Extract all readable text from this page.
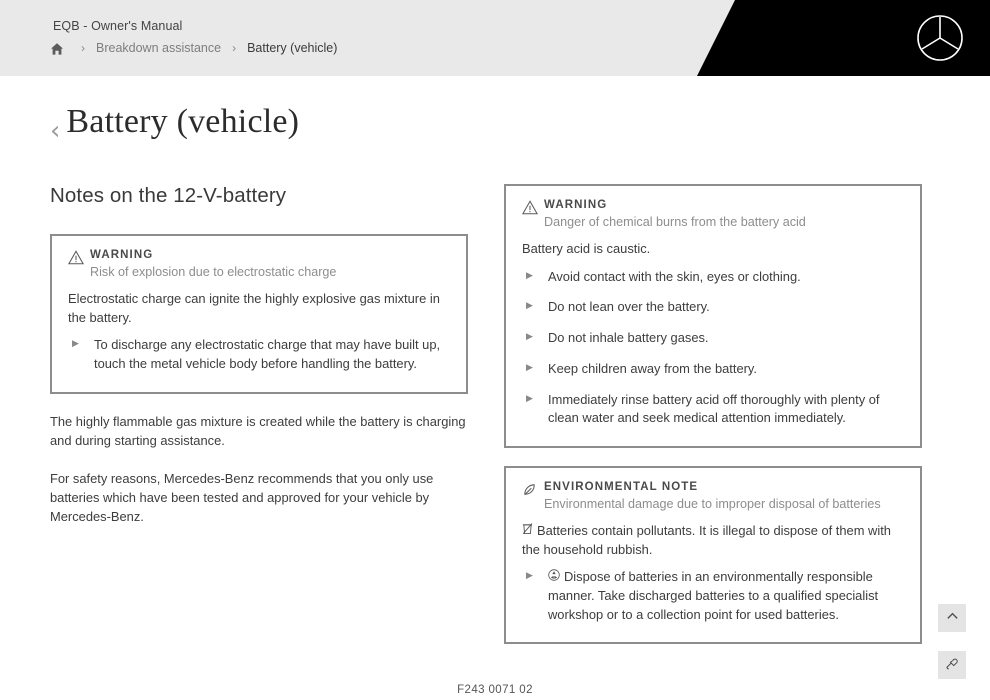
EQB - Owner's Manual
› Breakdown assistance › Battery (vehicle)
‹ Battery (vehicle)
Notes on the 12-V-battery
WARNING
Risk of explosion due to electrostatic charge
Electrostatic charge can ignite the highly explosive gas mixture in the battery.
▶	To discharge any electrostatic charge that may have built up, touch the metal vehicle body before handling the battery.

The highly flammable gas mixture is created while the battery is charging and during starting assistance.

For safety reasons, Mercedes-Benz recommends that you only use batteries which have been tested and approved for your vehicle by Mercedes-Benz.

WARNING
Danger of chemical burns from the battery acid
Battery acid is caustic.
▶	Avoid contact with the skin, eyes or clothing.
▶	Do not lean over the battery.
▶	Do not inhale battery gases.
▶	Keep children away from the battery.
▶	Immediately rinse battery acid off thoroughly with plenty of clean water and seek medical attention immediately.
ENVIRONMENTAL NOTE
Environmental damage due to improper disposal of batteries
Batteries contain pollutants. It is illegal to dispose of them with the household rubbish.
▶	Dispose of batteries in an environmentally responsible manner. Take discharged batteries to a qualified specialist workshop or to a collection point for used batteries.
F243 0071 02
